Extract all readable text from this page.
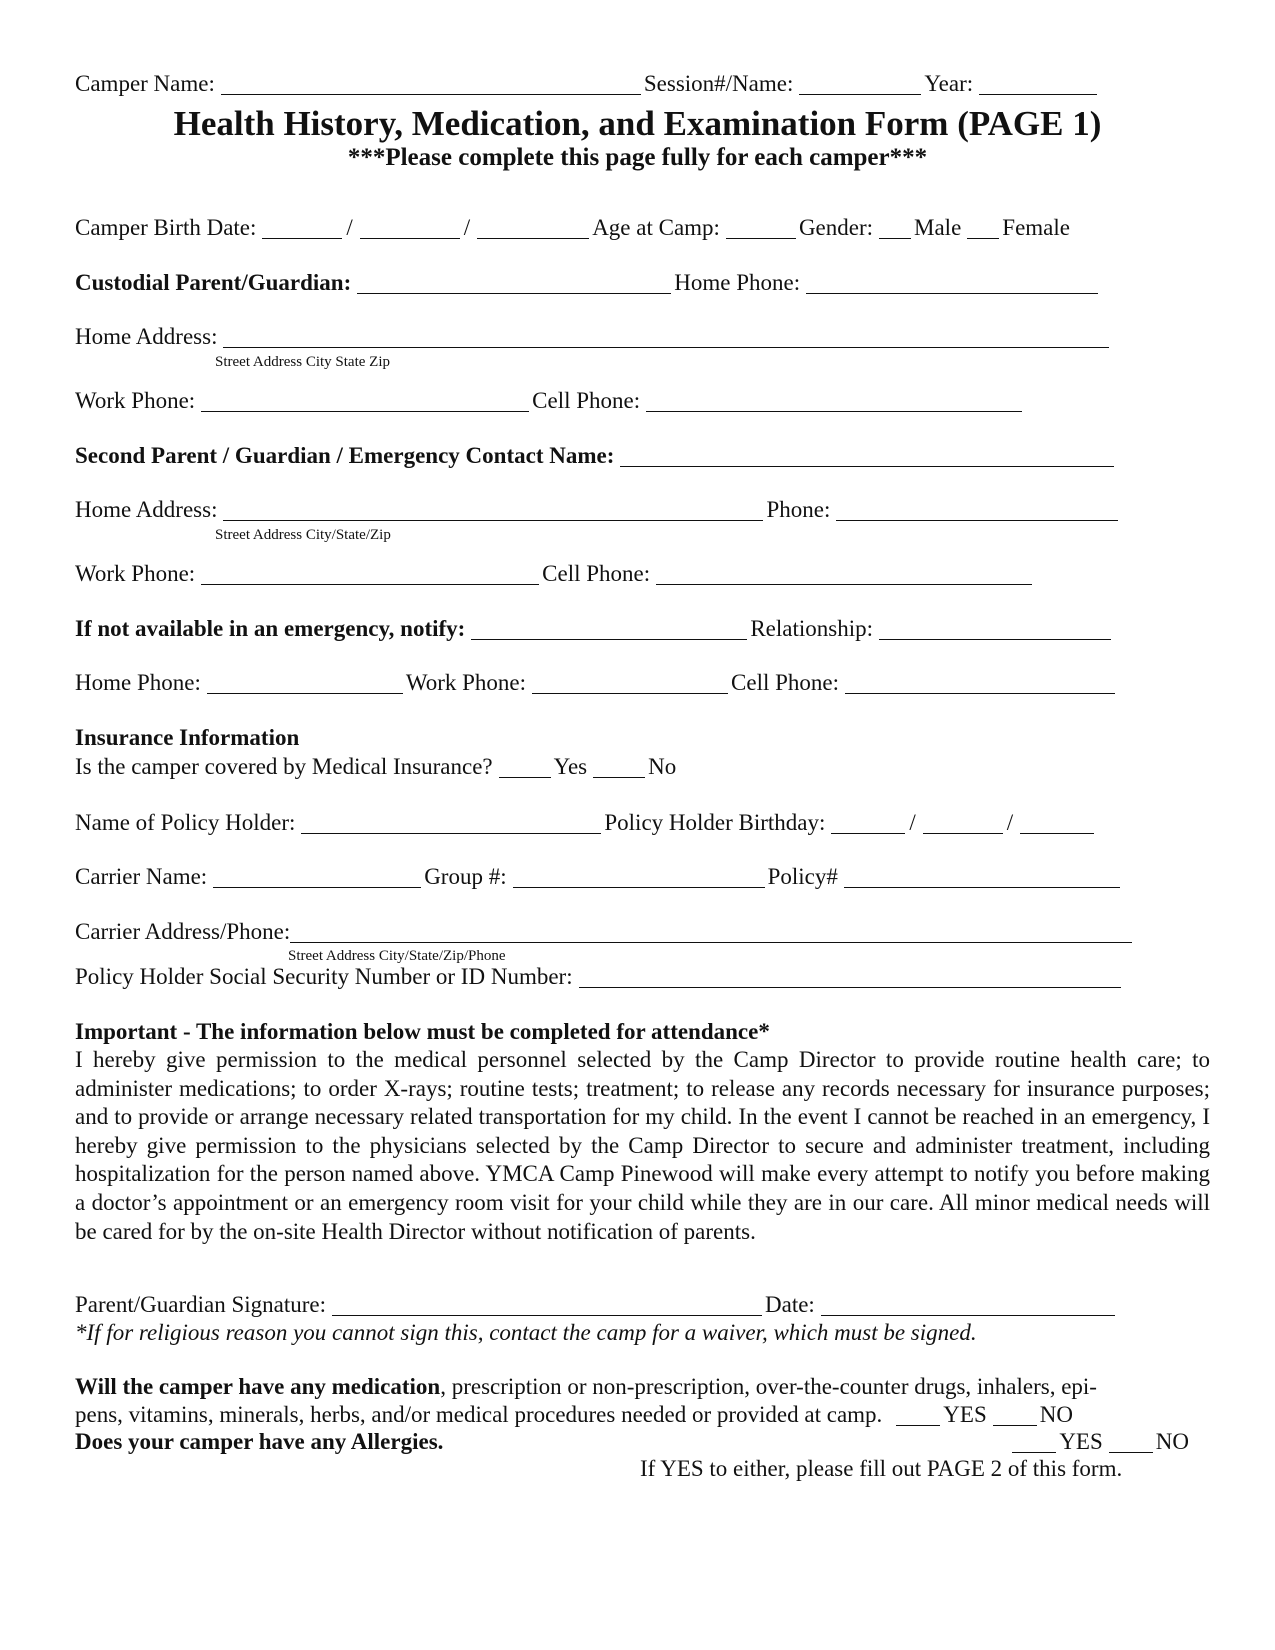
Camper Name:	Session#/Name:	Year:
Health History, Medication, and Examination Form (PAGE 1)
***Please complete this page fully for each camper***
Camper Birth Date:	/	/	Age at Camp:	Gender: Male Female
Custodial Parent/Guardian:	Home Phone:
Home Address:
Street Address City State Zip
Work Phone:	Cell Phone:
Second Parent / Guardian / Emergency Contact Name:
Home Address:	Phone:
Street Address City/State/Zip
Work Phone:	Cell Phone:
If not available in an emergency, notify:	Relationship:
Home Phone:	Work Phone:	Cell Phone:
Insurance Information
Is the camper covered by Medical Insurance?	Yes	No
Name of Policy Holder:	Policy Holder Birthday:	/	/
Carrier Name:	Group #:	Policy#
Carrier Address/Phone:
Street Address City/State/Zip/Phone
Policy Holder Social Security Number or ID Number:
Important - The information below must be completed for attendance*
I hereby give permission to the medical personnel selected by the Camp Director to provide routine health care; to administer medications; to order X-rays; routine tests; treatment; to release any records necessary for insurance purposes; and to provide or arrange necessary related transportation for my child. In the event I cannot be reached in an emergency, I hereby give permission to the physicians selected by the Camp Director to secure and administer treatment, including hospitalization for the person named above. YMCA Camp Pinewood will make every attempt to notify you before making a doctor’s appointment or an emergency room visit for your child while they are in our care. All minor medical needs will be cared for by the on-site Health Director without notification of parents.
Parent/Guardian Signature:	Date:
*If for religious reason you cannot sign this, contact the camp for a waiver, which must be signed.
Will the camper have any medication , prescription or non-prescription, over-the-counter drugs, inhalers, epi-
pens, vitamins, minerals, herbs, and/or medical procedures needed or provided at camp.	YES NO
Does your camper have any Allergies.	YES NO
If YES to either, please fill out PAGE 2 of this form.
